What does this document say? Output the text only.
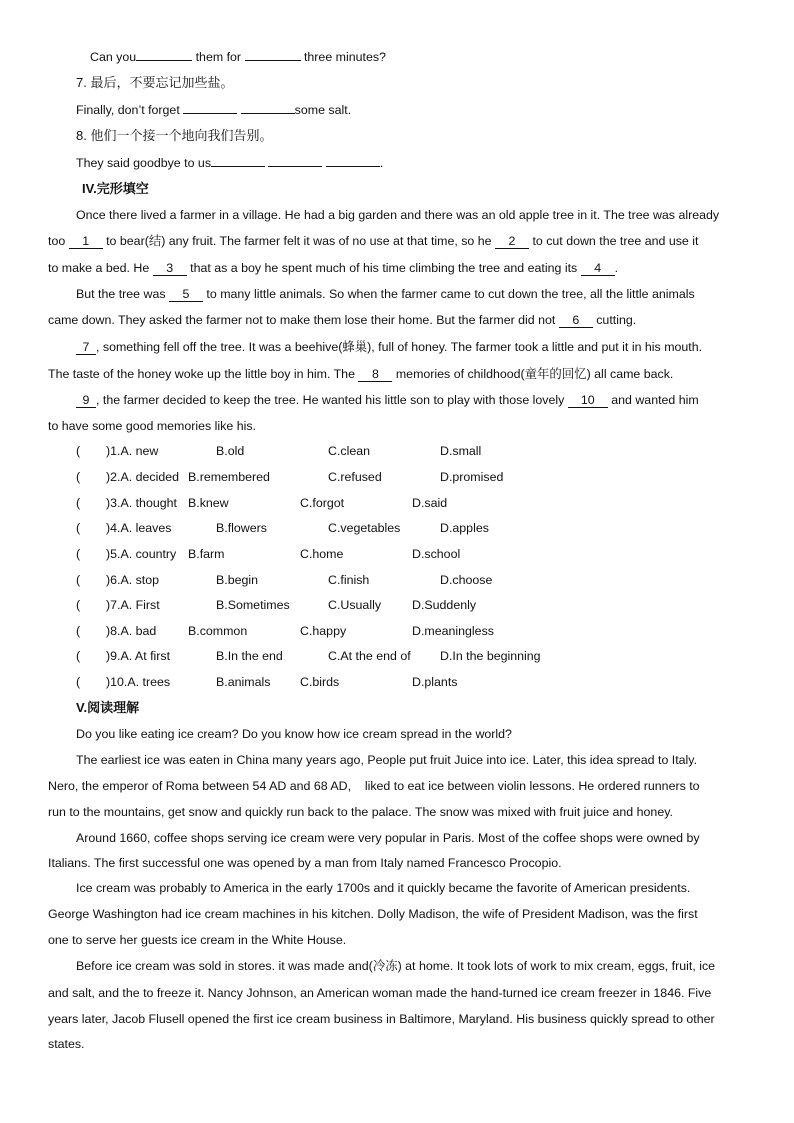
Can you	them for	three minutes?
7. 最后，不要忘记加些盐。
Finally, don’t forget	some salt.
8. 他们一个接一个地向我们告别。
They said goodbye to us	.
IV.完形填空
Once there lived a farmer in a village. He had a big garden and there was an old apple tree in it. The tree was already
too 1 to bear(结) any fruit. The farmer felt it was of no use at that time, so he 2 to cut down the tree and use it
to make a bed. He 3 that as a boy he spent much of his time climbing the tree and eating its 4 .
But the tree was 5 to many little animals. So when the farmer came to cut down the tree, all the little animals
came down. They asked the farmer not to make them lose their home. But the farmer did not 6 cutting.
7 , something fell off the tree. It was a beehive(蜂巢), full of honey. The farmer took a little and put it in his mouth.
The taste of the honey woke up the little boy in him. The 8 memories of childhood(童年的回忆) all came back.
9 , the farmer decided to keep the tree. He wanted his little son to play with those lovely 10 and wanted him
to have some good memories like his.
( )1.A. new	B.old	C.clean	D.small
( )2.A. decided B.remembered	C.refused	D.promised
( )3.A. thought B.knew	C.forgot	D.said
( )4.A. leaves	B.flowers	C.vegetables	D.apples
( )5.A. country B.farm	C.home	D.school
( )6.A. stop	B.begin	C.finish	D.choose
( )7.A. First	B.Sometimes	C.Usually D.Suddenly
( )8.A. bad	B.common	C.happy	D.meaningless
( )9.A. At first	B.In the end	C.At the end of D.In the beginning
( )10.A. trees	B.animals C.birds	D.plants
V.阅读理解
Do you like eating ice cream? Do you know how ice cream spread in the world?
The earliest ice was eaten in China many years ago, People put fruit Juice into ice. Later, this idea spread to Italy.
Nero, the emperor of Roma between 54 AD and 68 AD,    liked to eat ice between violin lessons. He ordered runners to
run to the mountains, get snow and quickly run back to the palace. The snow was mixed with fruit juice and honey.
Around 1660, coffee shops serving ice cream were very popular in Paris. Most of the coffee shops were owned by
Italians. The first successful one was opened by a man from Italy named Francesco Procopio.
Ice cream was probably to America in the early 1700s and it quickly became the favorite of American presidents.
George Washington had ice cream machines in his kitchen. Dolly Madison, the wife of President Madison, was the first
one to serve her guests ice cream in the White House.
Before ice cream was sold in stores. it was made and(冷冻) at home. It took lots of work to mix cream, eggs, fruit, ice
and salt, and the to freeze it. Nancy Johnson, an American woman made the hand-turned ice cream freezer in 1846. Five
years later, Jacob Flusell opened the first ice cream business in Baltimore, Maryland. His business quickly spread to other
states.
